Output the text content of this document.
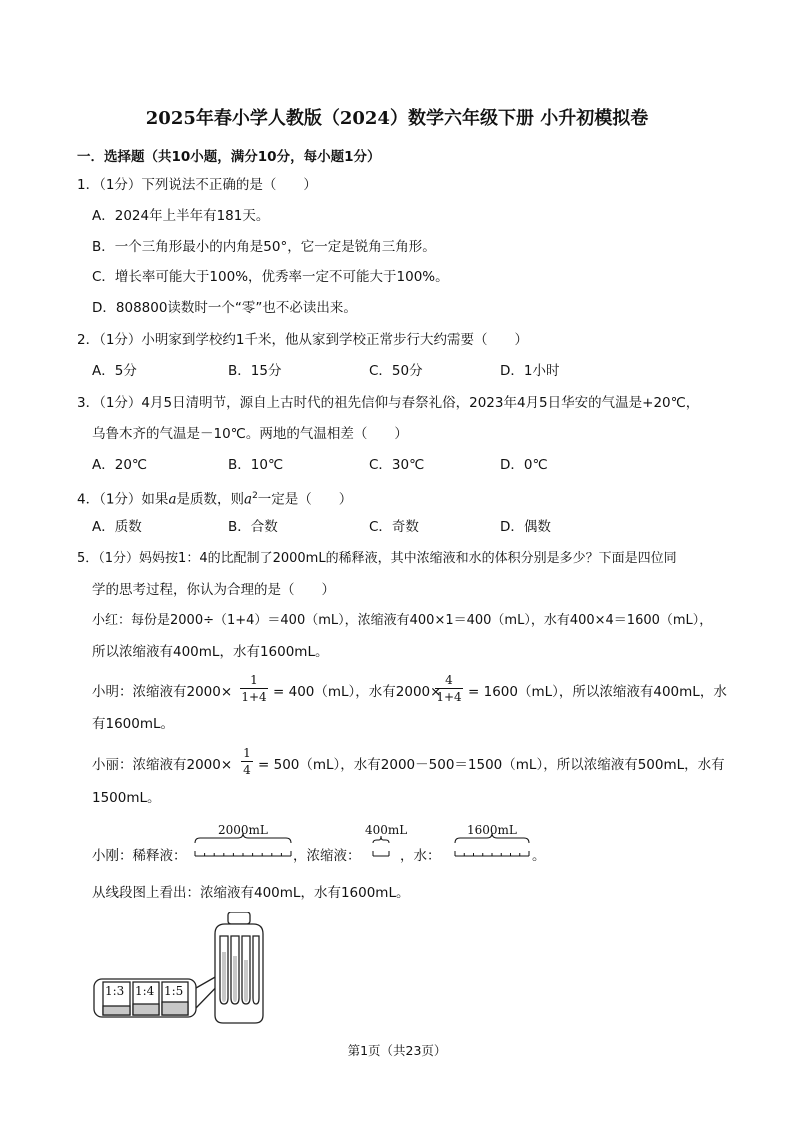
2025年春小学人教版（2024）数学六年级下册 小升初模拟卷
一．选择题（共10小题，满分10分，每小题1分）
1．（1分）下列说法不正确的是（　　）
A．2024年上半年有181天。
B．一个三角形最小的内角是50°，它一定是锐角三角形。
C．增长率可能大于100%，优秀率一定不可能大于100%。
D．808800读数时一个“零”也不必读出来。
2．（1分）小明家到学校约1千米，他从家到学校正常步行大约需要（　　）
A．5分	B．15分	C．50分	D．1小时
3．（1分）4月5日清明节，源自上古时代的祖先信仰与春祭礼俗，2023年4月5日华安的气温是+20℃，
乌鲁木齐的气温是－10℃。两地的气温相差（　　）
A．20℃	B．10℃	C．30℃	D．0℃
4．（1分）如果a是质数，则$a^2$一定是（　　）
A．质数	B．合数	C．奇数	D．偶数
5．（1分）妈妈按1：4的比配制了2000mL的稀释液，其中浓缩液和水的体积分别是多少？下面是四位同
学的思考过程，你认为合理的是（　　）
小红：每份是2000÷（1+4）＝400（mL），浓缩液有400×1＝400（mL），水有400×4＝1600（mL），
所以浓缩液有400mL，水有1600mL。
小明：浓缩液有2000×
1
1+4 = 400（mL），水有2000×
4
1+4 = 1600（mL），所以浓缩液有400mL，水
有1600mL。
小丽：浓缩液有2000×
1
4 = 500（mL），水有2000－500＝1500（mL），所以浓缩液有500mL，水有
1500mL。
2000mL	400mL	1600mL
小刚：稀释液：	，浓缩液：	，水：	。
从线段图上看出：浓缩液有400mL，水有1600mL。
1:3 1:4 1:5
第1页（共23页）
